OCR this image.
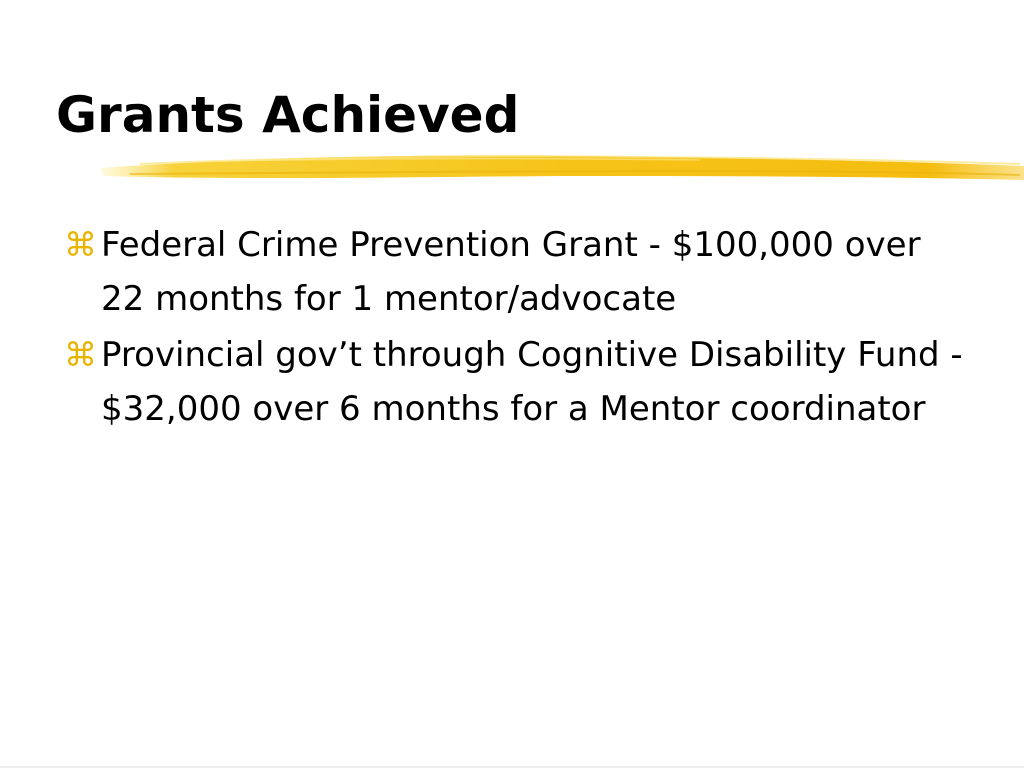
Grants Achieved
⌘ Federal Crime Prevention Grant - $100,000 over 22 months for 1 mentor/advocate
⌘ Provincial gov’t through Cognitive Disability Fund - $32,000 over 6 months for a Mentor coordinator
